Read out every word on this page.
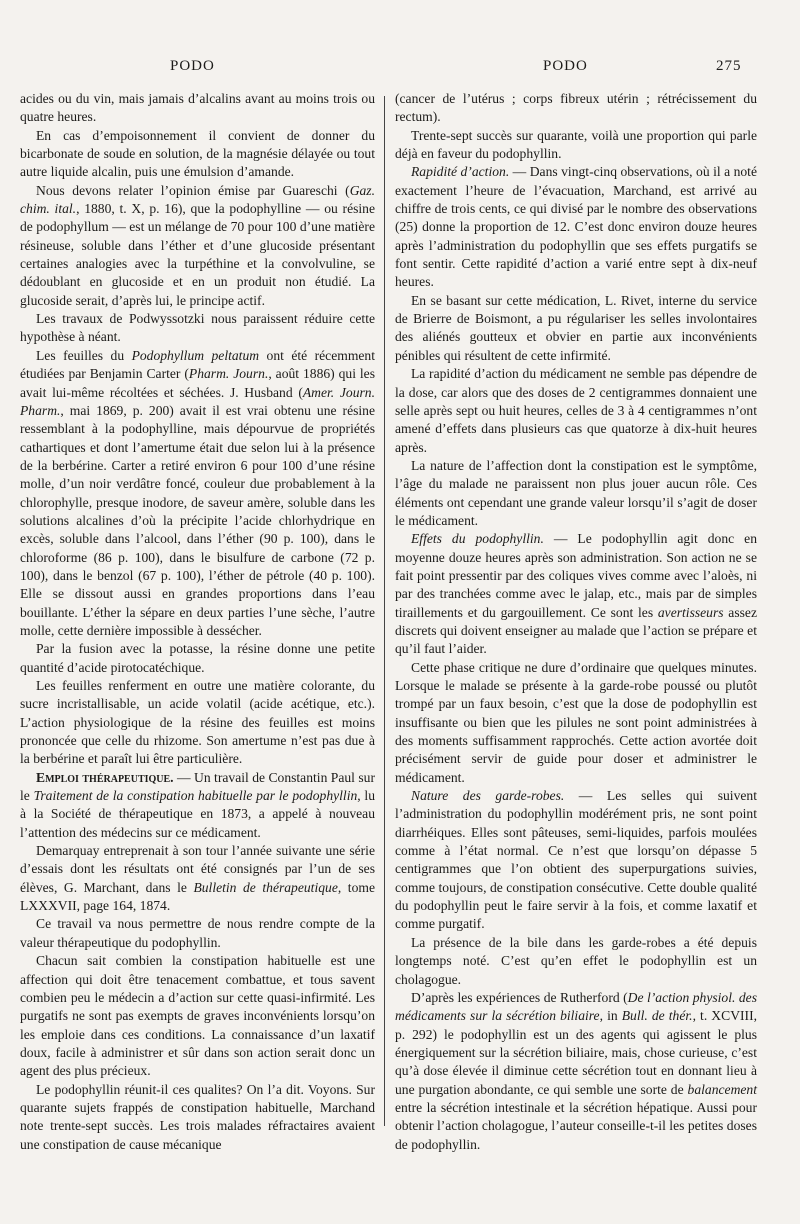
PODO	PODO	275

acides ou du vin, mais jamais d’alcalins avant au moins trois ou quatre heures.

En cas d’empoisonnement il convient de donner du bicarbonate de soude en solution, de la magnésie délayée ou tout autre liquide alcalin, puis une émulsion d’amande.

Nous devons relater l’opinion émise par Guareschi (Gaz. chim. ital., 1880, t. X, p. 16), que la podophylline — ou résine de podophyllum — est un mélange de 70 pour 100 d’une matière résineuse, soluble dans l’éther et d’une glucoside présentant certaines analogies avec la turpéthine et la convolvuline, se dédoublant en glucoside et en un produit non étudié. La glucoside serait, d’après lui, le principe actif.

Les travaux de Podwyssotzki nous paraissent réduire cette hypothèse à néant.

Les feuilles du Podophyllum peltatum ont été récemment étudiées par Benjamin Carter (Pharm. Journ., août 1886) qui les avait lui-même récoltées et séchées. J. Husband (Amer. Journ. Pharm., mai 1869, p. 200) avait il est vrai obtenu une résine ressemblant à la podophylline, mais dépourvue de propriétés cathartiques et dont l’amertume était due selon lui à la présence de la berbérine. Carter a retiré environ 6 pour 100 d’une résine molle, d’un noir verdâtre foncé, couleur due probablement à la chlorophylle, presque inodore, de saveur amère, soluble dans les solutions alcalines d’où la précipite l’acide chlorhydrique en excès, soluble dans l’alcool, dans l’éther (90 p. 100), dans le chloroforme (86 p. 100), dans le bisulfure de carbone (72 p. 100), dans le benzol (67 p. 100), l’éther de pétrole (40 p. 100). Elle se dissout aussi en grandes proportions dans l’eau bouillante. L’éther la sépare en deux parties l’une sèche, l’autre molle, cette dernière impossible à dessécher.

Par la fusion avec la potasse, la résine donne une petite quantité d’acide pirotocatéchique.

Les feuilles renferment en outre une matière colorante, du sucre incristallisable, un acide volatil (acide acétique, etc.). L’action physiologique de la résine des feuilles est moins prononcée que celle du rhizome. Son amertume n’est pas due à la berbérine et paraît lui être particulière.

Emploi thérapeutique. — Un travail de Constantin Paul sur le Traitement de la constipation habituelle par le podophyllin, lu à la Société de thérapeutique en 1873, a appelé à nouveau l’attention des médecins sur ce médicament.

Demarquay entreprenait à son tour l’année suivante une série d’essais dont les résultats ont été consignés par l’un de ses élèves, G. Marchant, dans le Bulletin de thérapeutique, tome LXXXVII, page 164, 1874.

Ce travail va nous permettre de nous rendre compte de la valeur thérapeutique du podophyllin.

Chacun sait combien la constipation habituelle est une affection qui doit être tenacement combattue, et tous savent combien peu le médecin a d’action sur cette quasi-infirmité. Les purgatifs ne sont pas exempts de graves inconvénients lorsqu’on les emploie dans ces conditions. La connaissance d’un laxatif doux, facile à administrer et sûr dans son action serait donc un agent des plus précieux.

Le podophyllin réunit-il ces qualites? On l’a dit. Voyons. Sur quarante sujets frappés de constipation habituelle, Marchand note trente-sept succès. Les trois malades réfractaires avaient une constipation de cause mécanique

(cancer de l’utérus ; corps fibreux utérin ; rétrécissement du rectum).

Trente-sept succès sur quarante, voilà une proportion qui parle déjà en faveur du podophyllin.

Rapidité d’action. — Dans vingt-cinq observations, où il a noté exactement l’heure de l’évacuation, Marchand, est arrivé au chiffre de trois cents, ce qui divisé par le nombre des observations (25) donne la proportion de 12. C’est donc environ douze heures après l’administration du podophyllin que ses effets purgatifs se font sentir. Cette rapidité d’action a varié entre sept à dix-neuf heures.

En se basant sur cette médication, L. Rivet, interne du service de Brierre de Boismont, a pu régulariser les selles involontaires des aliénés goutteux et obvier en partie aux inconvénients pénibles qui résultent de cette infirmité.

La rapidité d’action du médicament ne semble pas dépendre de la dose, car alors que des doses de 2 centigrammes donnaient une selle après sept ou huit heures, celles de 3 à 4 centigrammes n’ont amené d’effets dans plusieurs cas que quatorze à dix-huit heures après.

La nature de l’affection dont la constipation est le symptôme, l’âge du malade ne paraissent non plus jouer aucun rôle. Ces éléments ont cependant une grande valeur lorsqu’il s’agit de doser le médicament.

Effets du podophyllin. — Le podophyllin agit donc en moyenne douze heures après son administration. Son action ne se fait point pressentir par des coliques vives comme avec l’aloès, ni par des tranchées comme avec le jalap, etc., mais par de simples tiraillements et du gargouillement. Ce sont les avertisseurs assez discrets qui doivent enseigner au malade que l’action se prépare et qu’il faut l’aider.

Cette phase critique ne dure d’ordinaire que quelques minutes. Lorsque le malade se présente à la garde-robe poussé ou plutôt trompé par un faux besoin, c’est que la dose de podophyllin est insuffisante ou bien que les pilules ne sont point administrées à des moments suffisamment rapprochés. Cette action avortée doit précisément servir de guide pour doser et administrer le médicament.

Nature des garde-robes. — Les selles qui suivent l’administration du podophyllin modérément pris, ne sont point diarrhéiques. Elles sont pâteuses, semi-liquides, parfois moulées comme à l’état normal. Ce n’est que lorsqu’on dépasse 5 centigrammes que l’on obtient des superpurgations suivies, comme toujours, de constipation consécutive. Cette double qualité du podophyllin peut le faire servir à la fois, et comme laxatif et comme purgatif.

La présence de la bile dans les garde-robes a été depuis longtemps noté. C’est qu’en effet le podophyllin est un cholagogue.

D’après les expériences de Rutherford (De l’action physiol. des médicaments sur la sécrétion biliaire, in Bull. de thér., t. XCVIII, p. 292) le podophyllin est un des agents qui agissent le plus énergiquement sur la sécrétion biliaire, mais, chose curieuse, c’est qu’à dose élevée il diminue cette sécrétion tout en donnant lieu à une purgation abondante, ce qui semble une sorte de balancement entre la sécrétion intestinale et la sécrétion hépatique. Aussi pour obtenir l’action cholagogue, l’auteur conseille-t-il les petites doses de podophyllin.
